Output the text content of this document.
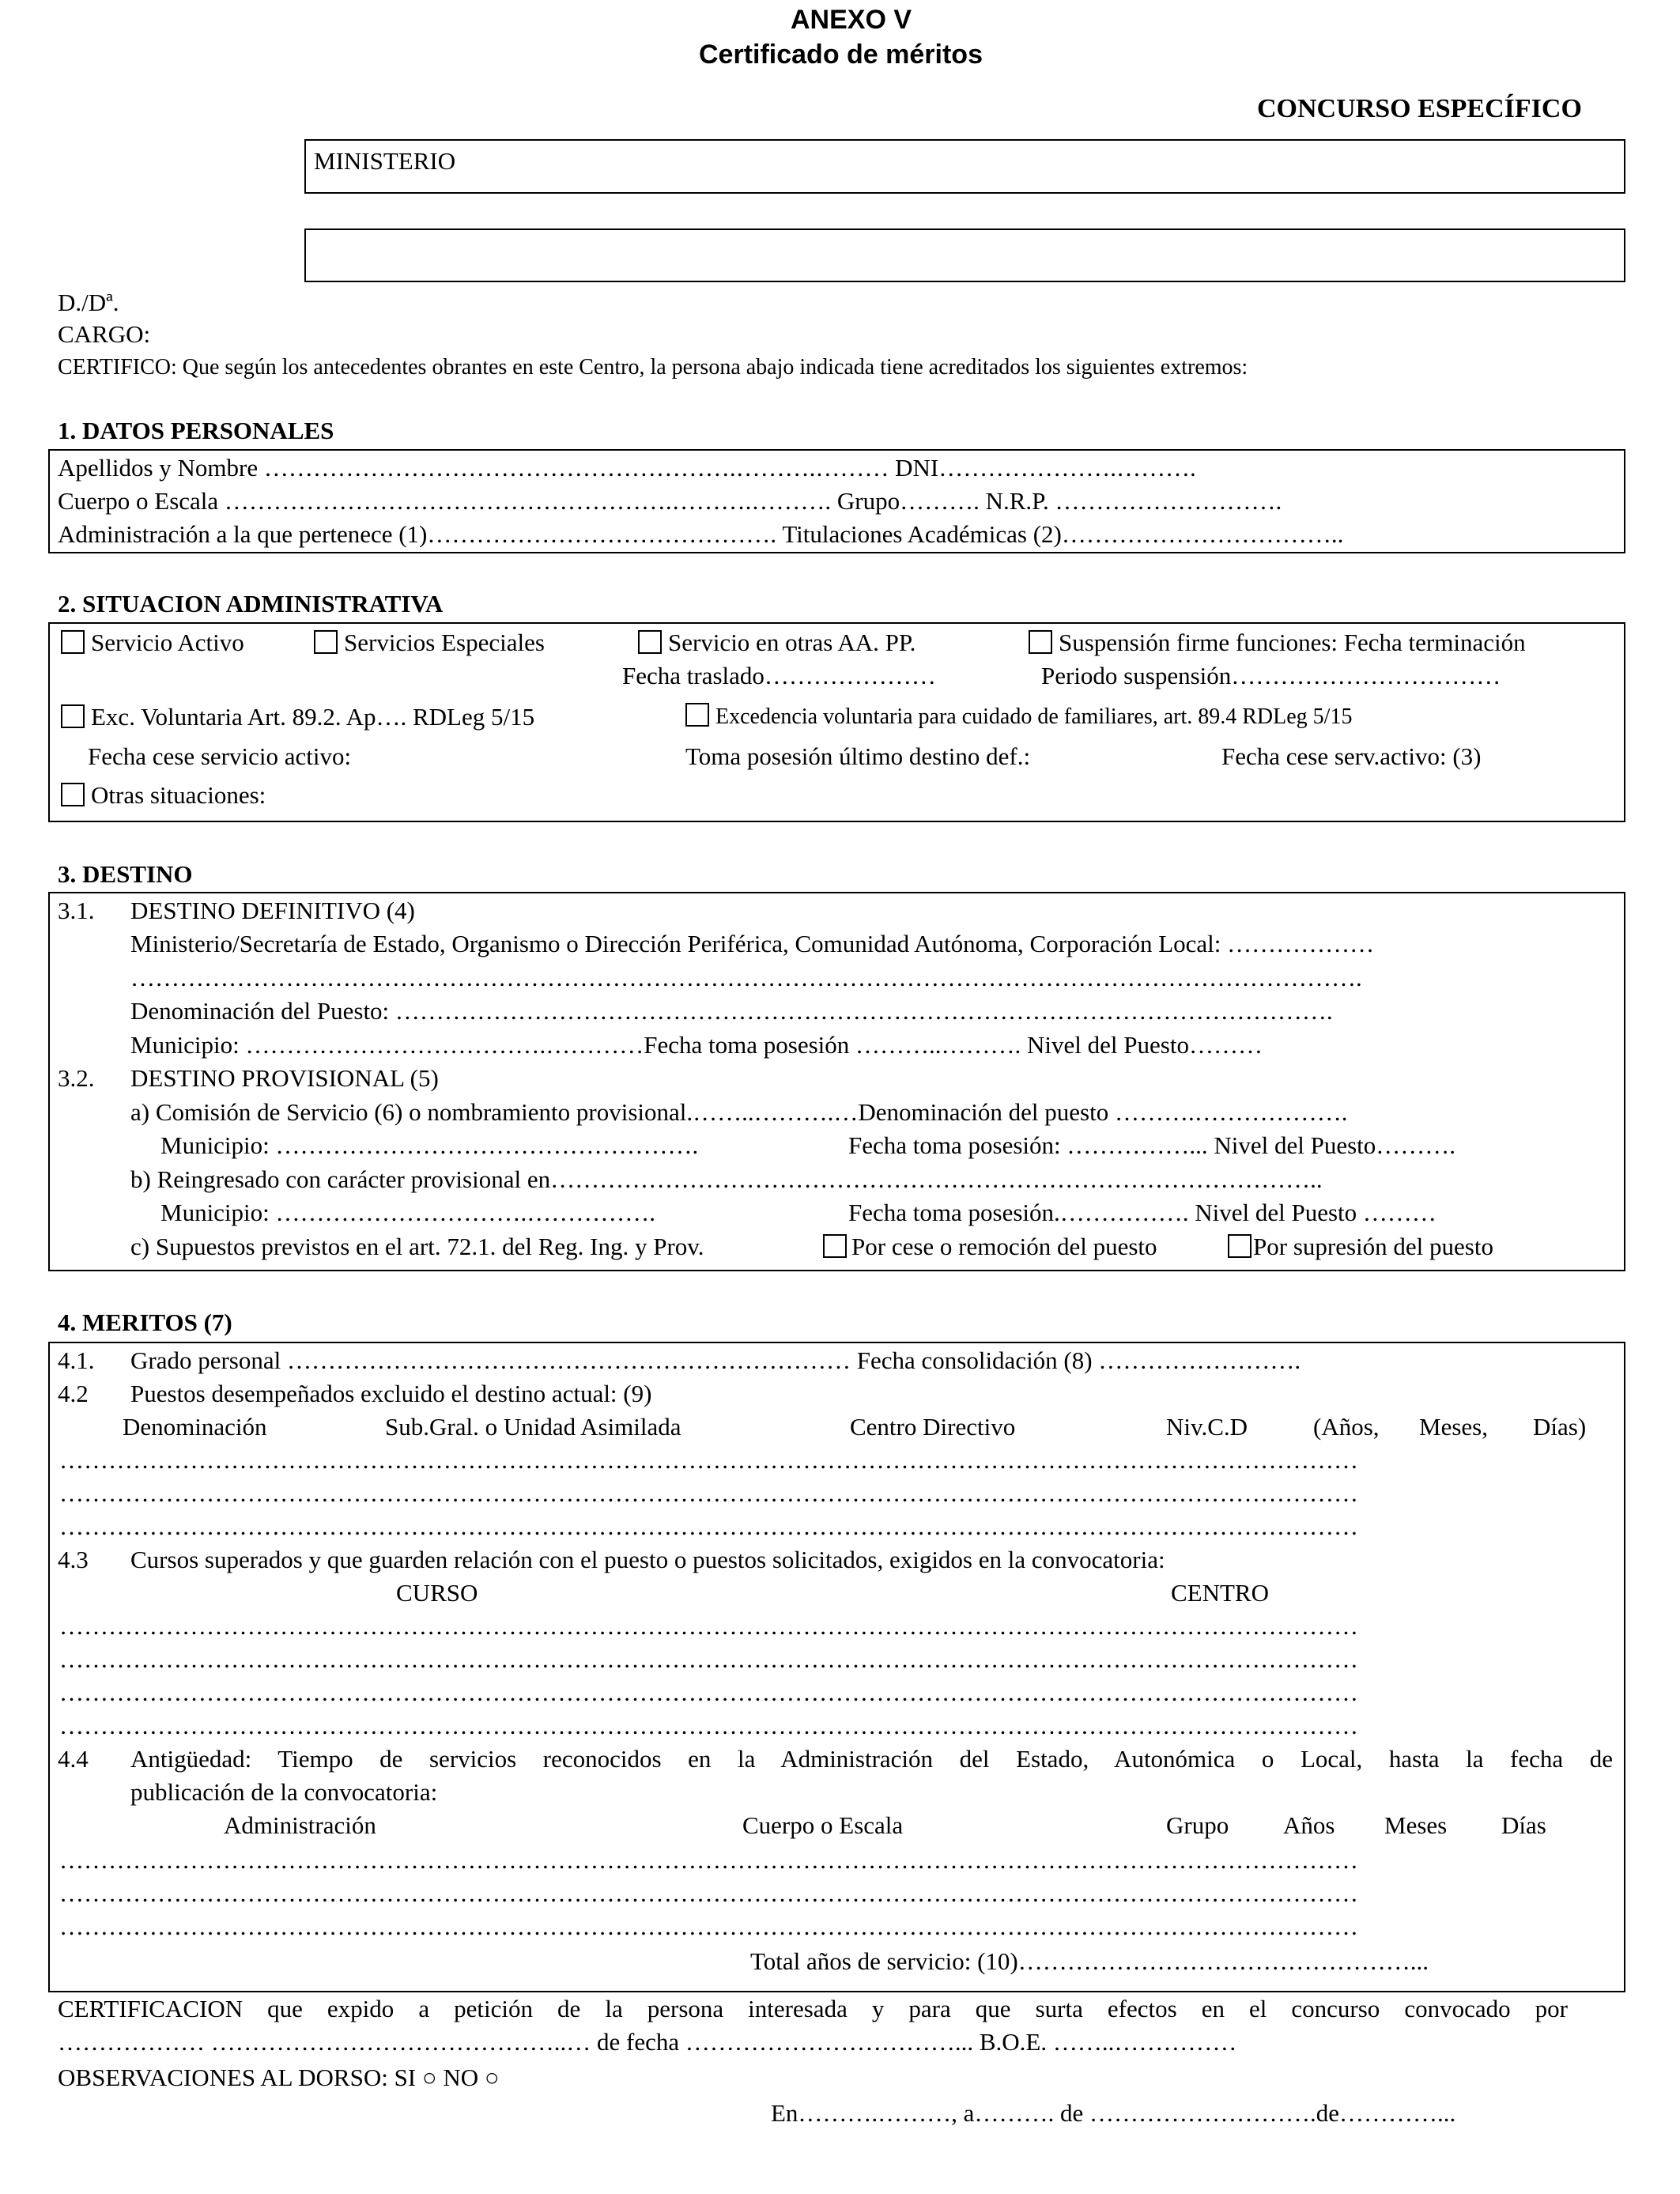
ANEXO V
Certificado de méritos
CONCURSO ESPECÍFICO
MINISTERIO
D./Dª.
CARGO:
CERTIFICO: Que según los antecedentes obrantes en este Centro, la persona abajo indicada tiene acreditados los siguientes extremos:
1. DATOS PERSONALES
Apellidos y Nombre ………………………………………………….……….……… DNI………………….……….
Cuerpo o Escala ……………………………………………….……….………. Grupo………. N.R.P. ……………………….
Administración a la que pertenece (1)……………………………………. Titulaciones Académicas (2)……………………………..
2. SITUACION ADMINISTRATIVA
Servicio Activo	Servicios Especiales	Servicio en otras AA. PP.	Suspensión firme funciones: Fecha terminación
Fecha traslado…………………	Periodo suspensión……………………………
Exc. Voluntaria Art. 89.2. Ap…. RDLeg 5/15	Excedencia voluntaria para cuidado de familiares, art. 89.4 RDLeg 5/15
Fecha cese servicio activo:	Toma posesión último destino def.:	Fecha cese serv.activo: (3)
Otras situaciones:
3. DESTINO
3.1. DESTINO DEFINITIVO (4)
Ministerio/Secretaría de Estado, Organismo o Dirección Periférica, Comunidad Autónoma, Corporación Local: ………………
…………………………………………………………………………………………………………………………………….
Denominación del Puesto: …………………………………………………………………………………………………….
Municipio: ……………………………….…………Fecha toma posesión ………..………. Nivel del Puesto………
3.2. DESTINO PROVISIONAL (5)
a) Comisión de Servicio (6) o nombramiento provisional.……..……….…Denominación del puesto ……….……………….
Municipio: …………………………………………….	Fecha toma posesión: ……………... Nivel del Puesto……….
b) Reingresado con carácter provisional en…………………………………………………………………………………..
Municipio: ………………………….…………….	Fecha toma posesión.……………. Nivel del Puesto ………
c) Supuestos previstos en el art. 72.1. del Reg. Ing. y Prov.	Por cese o remoción del puesto	Por supresión del puesto
4. MERITOS (7)
4.1. Grado personal …………………………………………………………… Fecha consolidación (8) …………………….
4.2 Puestos desempeñados excluido el destino actual: (9)
Denominación	Sub.Gral. o Unidad Asimilada	Centro Directivo	Niv.C.D	(Años, Meses, Días)
……………………………………………………………………………………………………………………………………………
……………………………………………………………………………………………………………………………………………
……………………………………………………………………………………………………………………………………………
4.3 Cursos superados y que guarden relación con el puesto o puestos solicitados, exigidos en la convocatoria:
CURSO	CENTRO
……………………………………………………………………………………………………………………………………………
……………………………………………………………………………………………………………………………………………
……………………………………………………………………………………………………………………………………………
……………………………………………………………………………………………………………………………………………
4.4 Antigüedad: Tiempo de servicios reconocidos en la Administración del Estado, Autonómica o Local, hasta la fecha de
publicación de la convocatoria:
Administración	Cuerpo o Escala	Grupo Años Meses Días
……………………………………………………………………………………………………………………………………………
……………………………………………………………………………………………………………………………………………
……………………………………………………………………………………………………………………………………………
Total años de servicio: (10)…………………………………………...
CERTIFICACION que expido a petición de la persona interesada y para que surta efectos en el concurso convocado por
……………… ……………………………………..… de fecha ……………………………... B.O.E. ……..……………
OBSERVACIONES AL DORSO: SI ○ NO ○
En……….………, a………. de ……………………….de…………...
